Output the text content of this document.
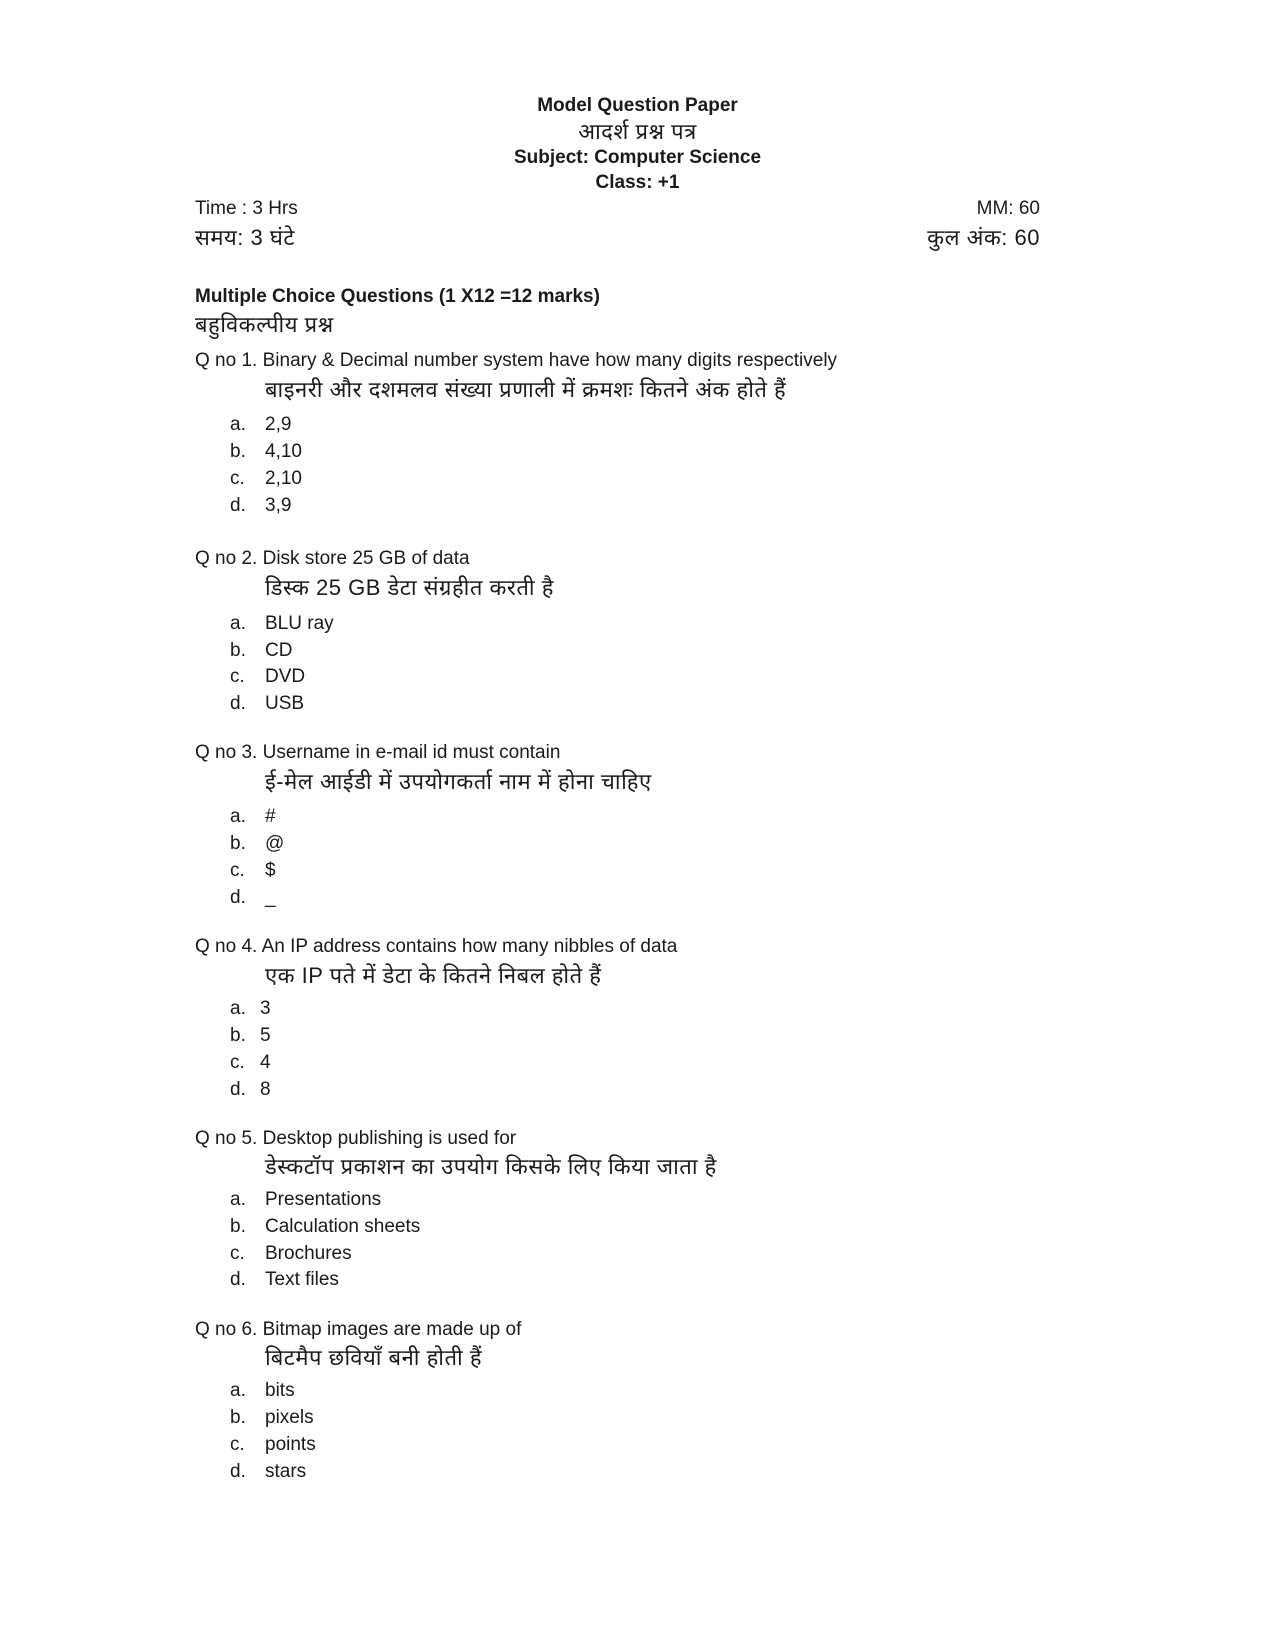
Model Question Paper
आदर्श प्रश्न पत्र
Subject: Computer Science
Class: +1
Time : 3 Hrs
समय: 3 घंटे
MM: 60
कुल अंक: 60
Multiple Choice Questions (1 X12 =12 marks)
बहुविकल्पीय प्रश्न
Q no 1. Binary & Decimal number system have how many digits respectively
बाइनरी और दशमलव संख्या प्रणाली में क्रमशः कितने अंक होते हैं
a. 2,9
b. 4,10
c. 2,10
d. 3,9
Q no 2. Disk store 25 GB of data
डिस्क 25 GB डेटा संग्रहीत करती है
a. BLU ray
b. CD
c. DVD
d. USB
Q no 3. Username in e-mail id must contain
ई-मेल आईडी में उपयोगकर्ता नाम में होना चाहिए
a. #
b. @
c. $
d. _
Q no 4. An IP address contains how many nibbles of data
एक IP पते में डेटा के कितने निबल होते हैं
a. 3
b. 5
c. 4
d. 8
Q no 5. Desktop publishing is used for
डेस्कटॉप प्रकाशन का उपयोग किसके लिए किया जाता है
a. Presentations
b. Calculation sheets
c. Brochures
d. Text files
Q no 6. Bitmap images are made up of
बिटमैप छवियाँ बनी होती हैं
a. bits
b. pixels
c. points
d. stars
